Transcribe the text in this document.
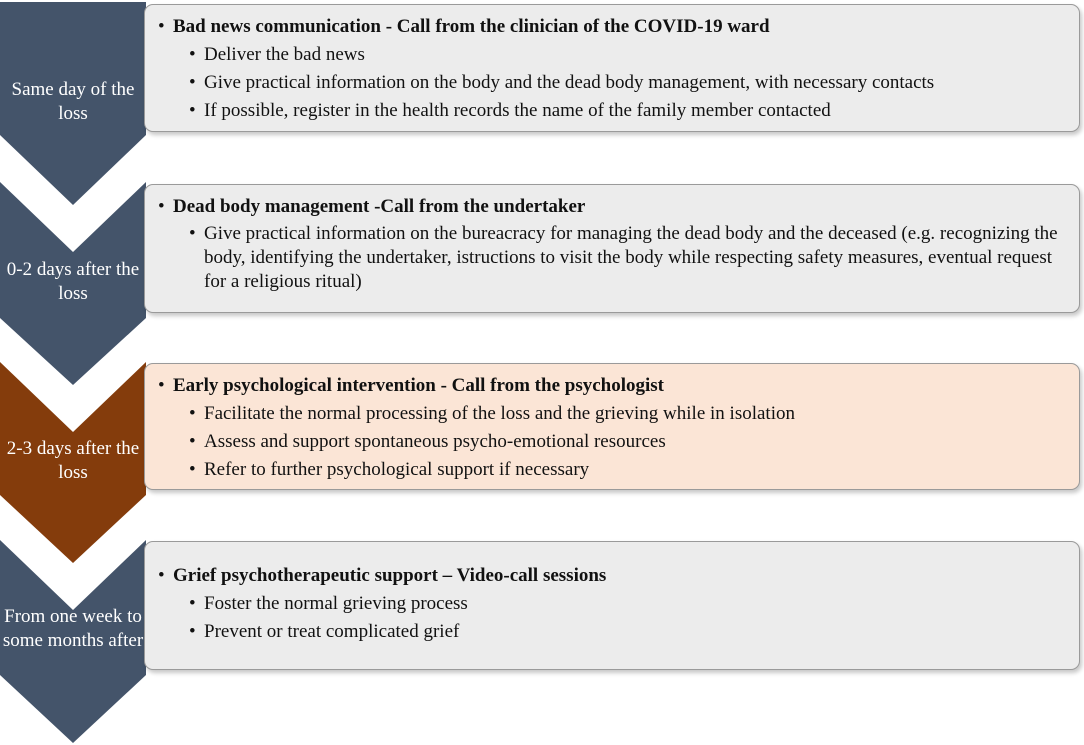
Same day of the loss
0-2 days after the loss
2-3 days after the loss
From one week to some months after
• Bad news communication - Call from the clinician of the COVID-19 ward
• Deliver the bad news
• Give practical information on the body and the dead body management, with necessary contacts
• If possible, register in the health records the name of the family member contacted
• Dead body management -Call from the undertaker
• Give practical information on the bureacracy for managing the dead body and the deceased (e.g. recognizing the body, identifying the undertaker, istructions to visit the body while respecting safety measures, eventual request for a religious ritual)
• Early psychological intervention - Call from the psychologist
• Facilitate the normal processing of the loss and the grieving while in isolation
• Assess and support spontaneous psycho-emotional resources
• Refer to further psychological support if necessary
• Grief psychotherapeutic support – Video-call sessions
• Foster the normal grieving process
• Prevent or treat complicated grief
